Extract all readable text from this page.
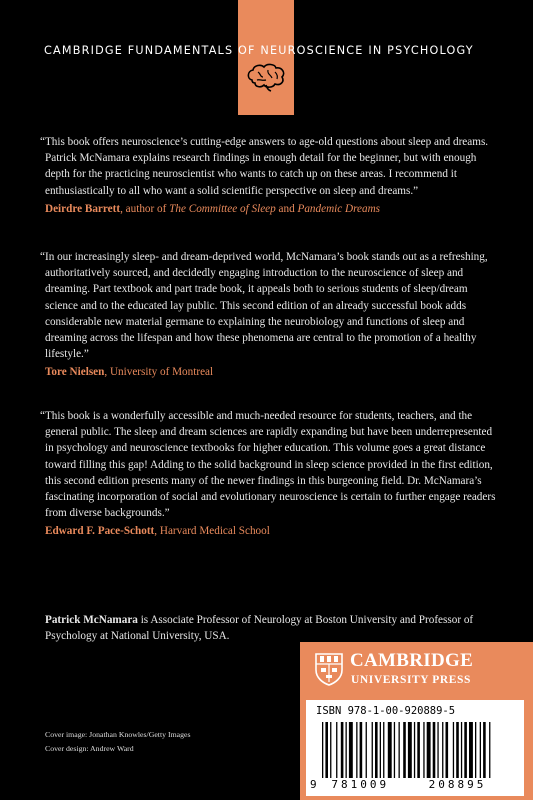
CAMBRIDGE FUNDAMENTALS OF NEUROSCIENCE IN PSYCHOLOGY

“This book offers neuroscience’s cutting-edge answers to age-old questions about sleep and dreams. Patrick McNamara explains research findings in enough detail for the beginner, but with enough depth for the practicing neuroscientist who wants to catch up on these areas. I recommend it enthusiastically to all who want a solid scientific perspective on sleep and dreams.”

Deirdre Barrett, author of The Committee of Sleep and Pandemic Dreams

“In our increasingly sleep- and dream-deprived world, McNamara’s book stands out as a refreshing, authoritatively sourced, and decidedly engaging introduction to the neuroscience of sleep and dreaming. Part textbook and part trade book, it appeals both to serious students of sleep/dream science and to the educated lay public. This second edition of an already successful book adds considerable new material germane to explaining the neurobiology and functions of sleep and dreaming across the lifespan and how these phenomena are central to the promotion of a healthy lifestyle.”

Tore Nielsen, University of Montreal

“This book is a wonderfully accessible and much-needed resource for students, teachers, and the general public. The sleep and dream sciences are rapidly expanding but have been underrepresented in psychology and neuroscience textbooks for higher education. This volume goes a great distance toward filling this gap! Adding to the solid background in sleep science provided in the first edition, this second edition presents many of the newer findings in this burgeoning field. Dr. McNamara’s fascinating incorporation of social and evolutionary neuroscience is certain to further engage readers from diverse backgrounds.”

Edward F. Pace-Schott, Harvard Medical School
Patrick McNamara is Associate Professor of Neurology at Boston University and Professor of Psychology at National University, USA.
CAMBRIDGE
UNIVERSITY PRESS
ISBN 978-1-00-920889-5
9	781009	208895
Cover image: Jonathan Knowles/Getty Images
Cover design: Andrew Ward
